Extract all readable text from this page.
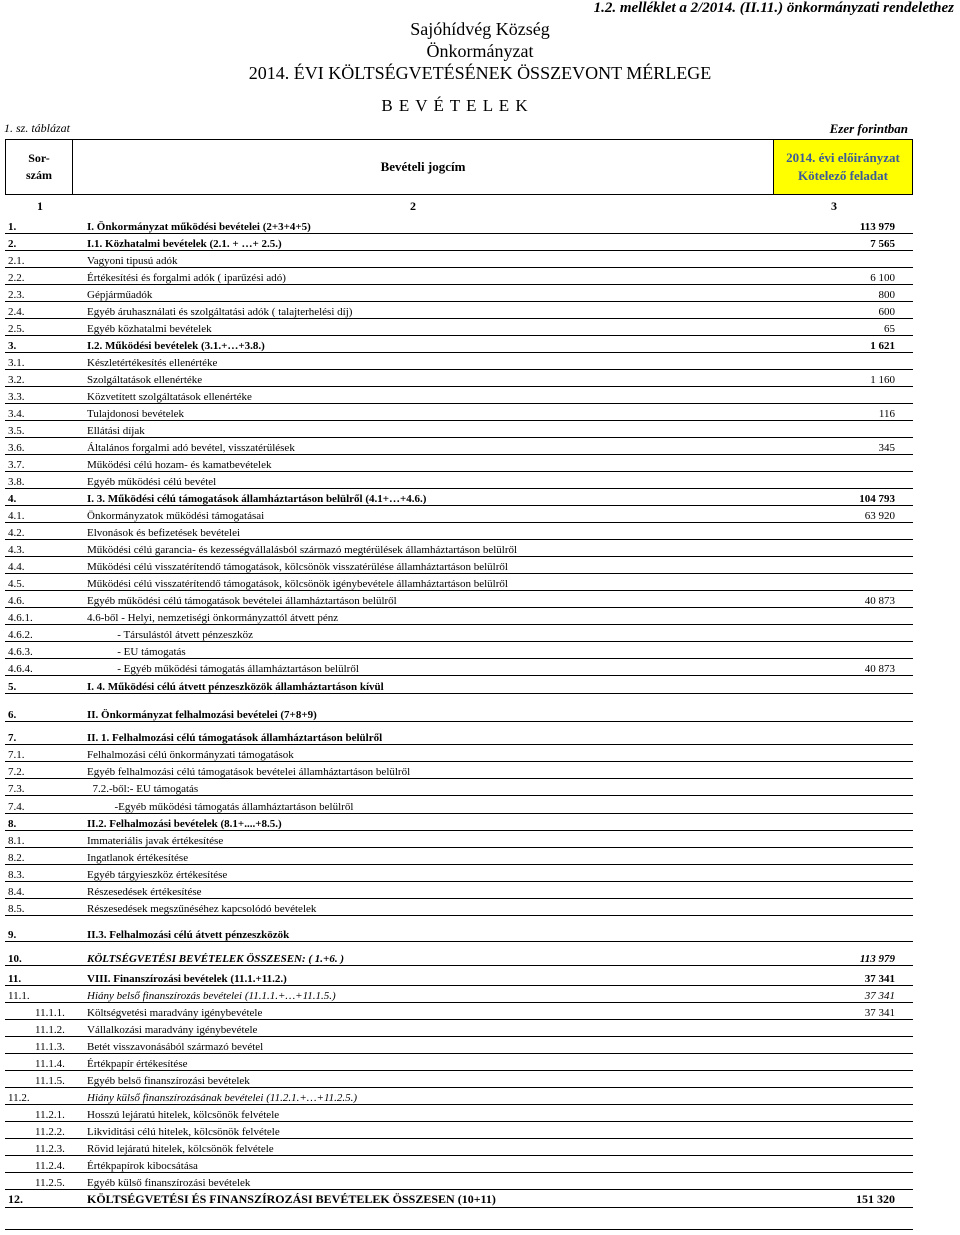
1.2. melléklet a 2/2014. (II.11.) önkormányzati rendelethez
Sajóhídvég Község
Önkormányzat
2014. ÉVI KÖLTSÉGVETÉSÉNEK ÖSSZEVONT MÉRLEGE
B E V É T E L E K
1. sz. táblázat	Ezer forintban
Sor-szám
Bevételi jogcím
2014. évi előirányzat
Kötelező feladat
1	2	3
1.	I. Önkormányzat működési bevételei (2+3+4+5)	113 979
2.	I.1. Közhatalmi bevételek (2.1. + …+ 2.5.)	7 565
2.1.	Vagyoni tipusú adók
2.2.	Értékesítési és forgalmi adók ( iparűzési adó)	6 100
2.3.	Gépjárműadók	800
2.4.	Egyéb áruhasználati és szolgáltatási adók ( talajterhelési díj)	600
2.5.	Egyéb közhatalmi bevételek	65
3.	I.2. Működési bevételek (3.1.+…+3.8.)	1 621
3.1.	Készletértékesítés ellenértéke
3.2.	Szolgáltatások ellenértéke	1 160
3.3.	Közvetített szolgáltatások ellenértéke
3.4.	Tulajdonosi bevételek	116
3.5.	Ellátási díjak
3.6.	Általános forgalmi adó bevétel, visszatérülések	345
3.7.	Működési célú hozam- és kamatbevételek
3.8.	Egyéb működési célú bevétel
4.	I. 3. Működési célú támogatások államháztartáson belülről (4.1+…+4.6.)	104 793
4.1.	Önkormányzatok működési támogatásai	63 920
4.2.	Elvonások és befizetések bevételei
4.3.	Működési célú garancia- és kezességvállalásból származó megtérülések államháztartáson belülről
4.4.	Működési célú visszatérítendő támogatások, kölcsönök visszatérülése államháztartáson belülről
4.5.	Működési célú visszatérítendő támogatások, kölcsönök igénybevétele államháztartáson belülről
4.6.	Egyéb működési célú támogatások bevételei államháztartáson belülről	40 873
4.6.1.	4.6-ből - Helyi, nemzetiségi önkormányzattól átvett pénz
4.6.2.	- Társulástól átvett pénzeszköz
4.6.3.	- EU támogatás
4.6.4.	- Egyéb működési támogatás államháztartáson belülről	40 873
5.	I. 4. Működési célú átvett pénzeszközök államháztartáson kívül
6.	II. Önkormányzat felhalmozási bevételei (7+8+9)
7.	II. 1. Felhalmozási célú támogatások államháztartáson belülről
7.1.	Felhalmozási célú önkormányzati támogatások
7.2.	Egyéb felhalmozási célú támogatások bevételei államháztartáson belülről
7.3.	7.2.-ből:- EU támogatás
7.4.	-Egyéb működési támogatás államháztartáson belülről
8.	II.2. Felhalmozási bevételek (8.1+....+8.5.)
8.1.	Immateriális javak értékesítése
8.2.	Ingatlanok értékesítése
8.3.	Egyéb tárgyieszköz értékesítése
8.4.	Részesedések értékesítése
8.5.	Részesedések megszűnéséhez kapcsolódó bevételek
9.	II.3. Felhalmozási célú átvett pénzeszközök
10.	KÖLTSÉGVETÉSI BEVÉTELEK ÖSSZESEN: ( 1.+6. )	113 979
11.	VIII. Finanszírozási bevételek (11.1.+11.2.)	37 341
11.1.	Hiány belső finanszírozás bevételei (11.1.1.+…+11.1.5.)	37 341
11.1.1.	Költségvetési maradvány igénybevétele	37 341
11.1.2.	Vállalkozási maradvány igénybevétele
11.1.3.	Betét visszavonásából származó bevétel
11.1.4.	Értékpapír értékesítése
11.1.5.	Egyéb belső finanszírozási bevételek
11.2.	Hiány külső finanszírozásának bevételei (11.2.1.+…+11.2.5.)
11.2.1.	Hosszú lejáratú hitelek, kölcsönök felvétele
11.2.2.	Likviditási célú hitelek, kölcsönök felvétele
11.2.3.	Rövid lejáratú hitelek, kölcsönök felvétele
11.2.4.	Értékpapírok kibocsátása
11.2.5.	Egyéb külső finanszírozási bevételek
12.	KÖLTSÉGVETÉSI ÉS FINANSZÍROZÁSI BEVÉTELEK ÖSSZESEN (10+11)	151 320
